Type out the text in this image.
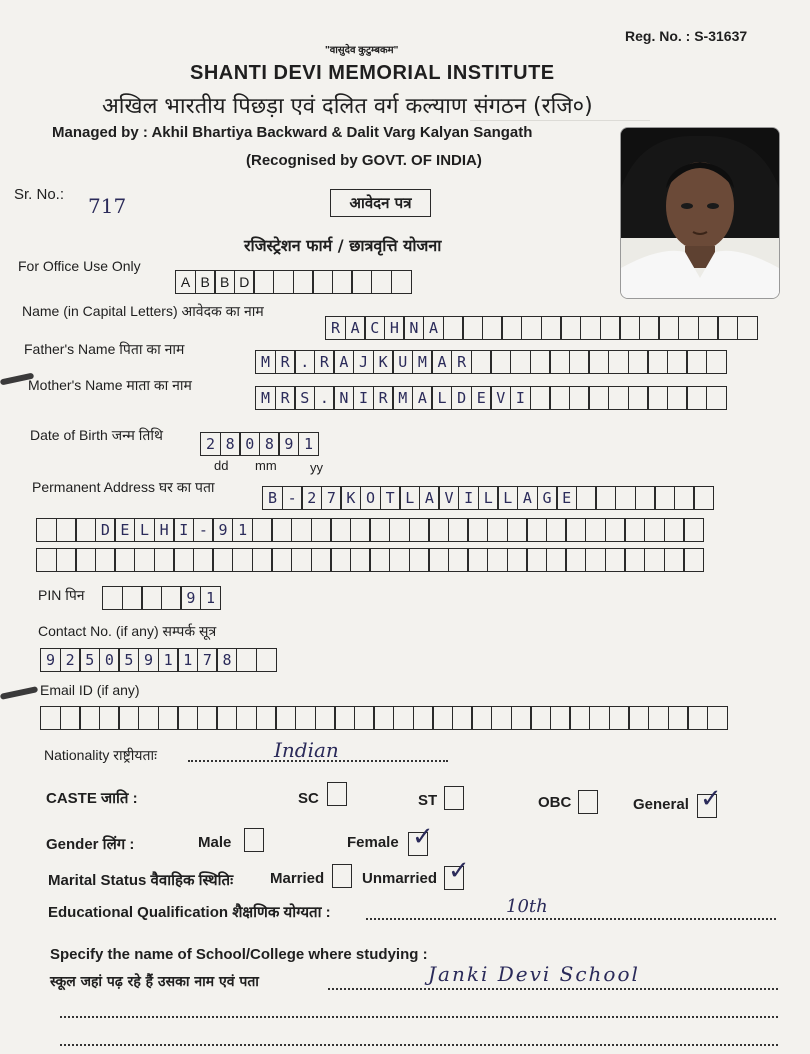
Reg. No. : S-31637
"वासुदेव कुटुम्बकम"
SHANTI DEVI MEMORIAL INSTITUTE
अखिल भारतीय पिछड़ा एवं दलित वर्ग कल्याण संगठन (रजि०)
Managed by : Akhil Bhartiya Backward & Dalit Varg Kalyan Sangath
(Recognised by GOVT. OF INDIA)
Sr. No.: 717	आवेदन पत्र
रजिस्ट्रेशन फार्म / छात्रवृत्ति योजना
For Office Use Only
A B B D
Name (in Capital Letters) आवेदक का नाम
R A C H N A
Father's Name पिता का नाम
M R . R A J K U M A R
Mother's Name माता का नाम
M R S . N I R M A L D E V I
Date of Birth जन्म तिथि	2 8 0 8 9 1
dd mm	yy
Permanent Address घर का पता
B - 2 7 K O T L A V I L L A G E
D E L H I - 9 1
PIN पिन	9 1
Contact No. (if any) सम्पर्क सूत्र
9 2 5 0 5 9 1 1 7 8
Email ID (if any)
Nationality राष्ट्रीयताः	Indian
CASTE जाति :	SC	ST	OBC	General ✓
Gender लिंग :	Male	Female ✓
Marital Status वैवाहिक स्थितिः Married	Unmarried ✓
Educational Qualification शैक्षणिक योग्यता :	10th
Specify the name of School/College where studying :
स्कूल जहां पढ़ रहे हैं उसका नाम एवं पता	Janki Devi School
